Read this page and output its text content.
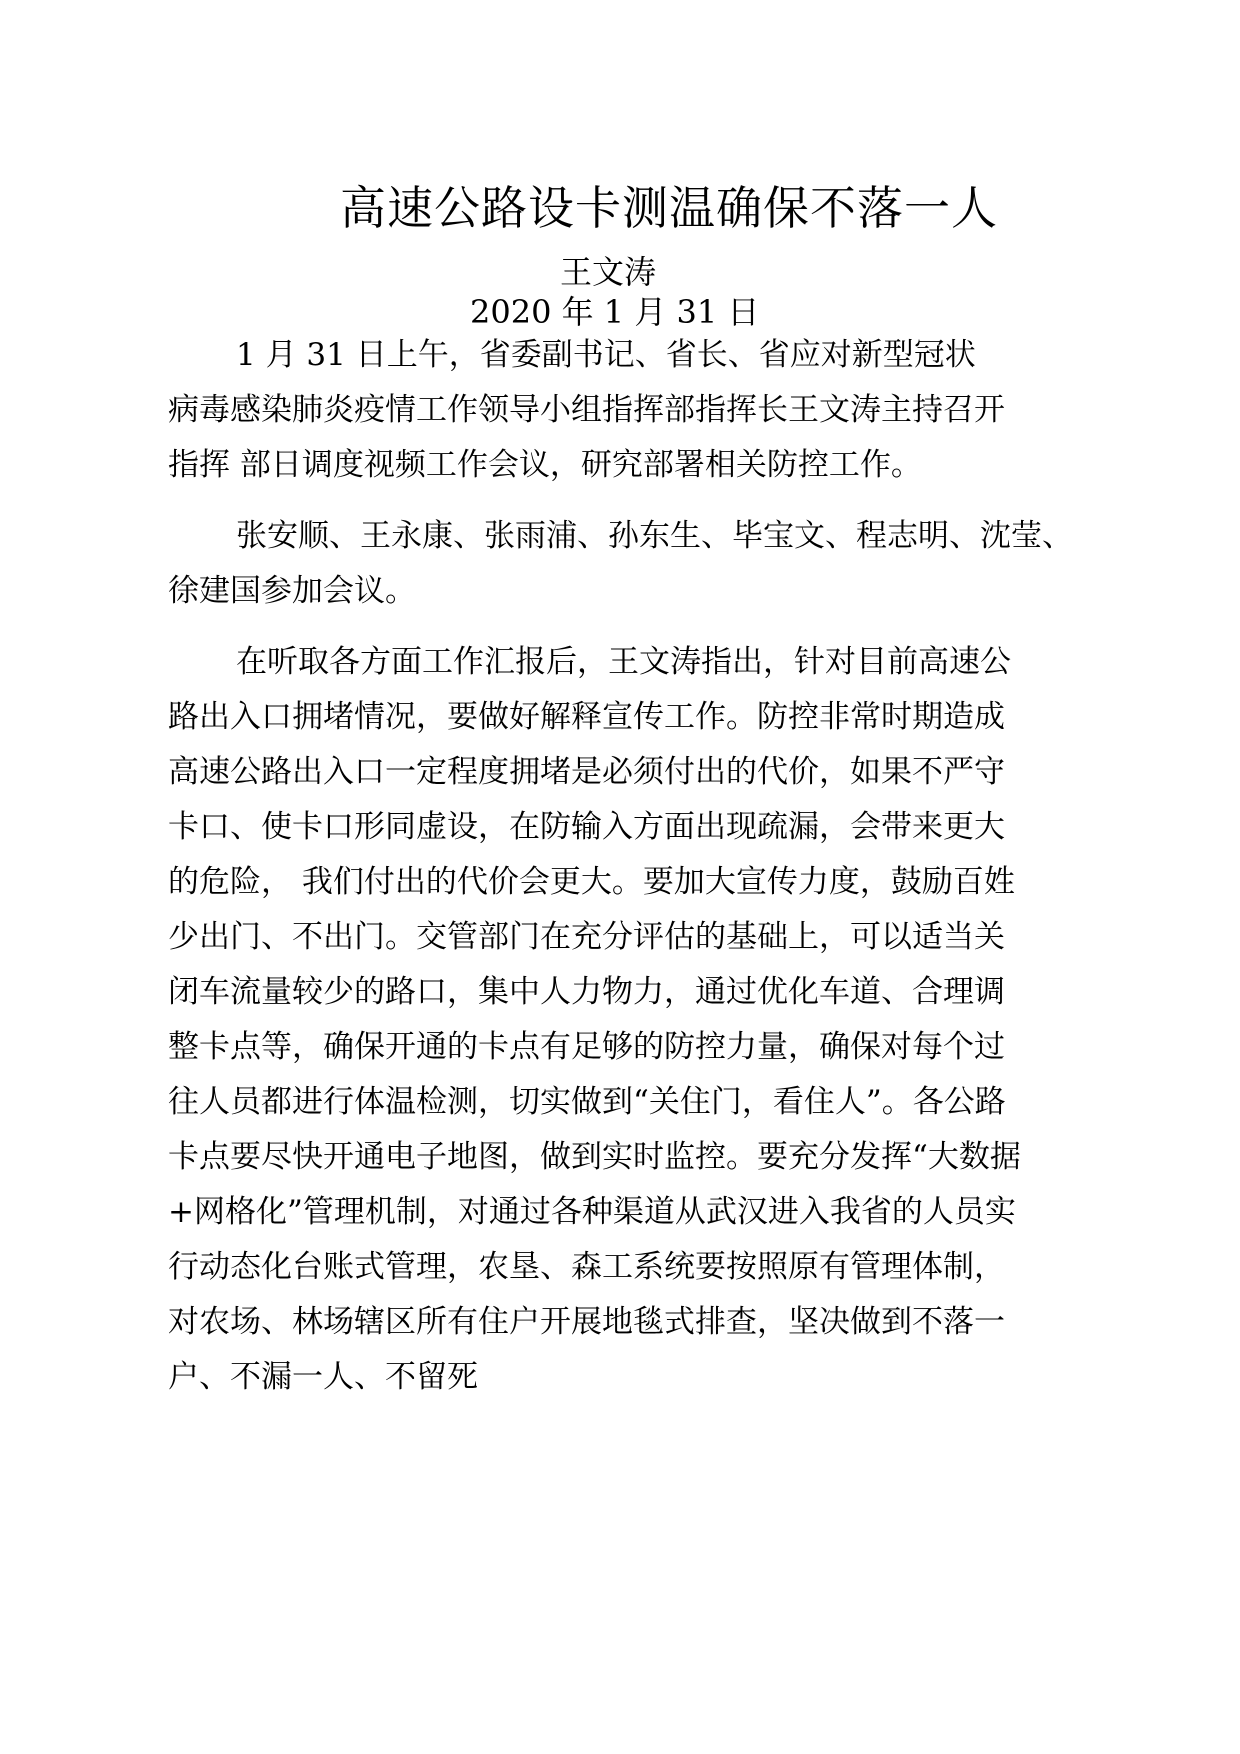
高速公路设卡测温确保不落一人
王文涛
2020 年 1 月 31 日
1 月 31 日上午，省委副书记、省长、省应对新型冠状
病毒感染肺炎疫情工作领导小组指挥部指挥长王文涛主持召开
指挥 部日调度视频工作会议，研究部署相关防控工作。
张安顺、王永康、张雨浦、孙东生、毕宝文、程志明、沈莹、
徐建国参加会议。
在听取各方面工作汇报后，王文涛指出，针对目前高速公
路出入口拥堵情况，要做好解释宣传工作。防控非常时期造成
高速公路出入口一定程度拥堵是必须付出的代价，如果不严守
卡口、使卡口形同虚设，在防输入方面出现疏漏，会带来更大
的危险， 我们付出的代价会更大。要加大宣传力度，鼓励百姓
少出门、不出门。交管部门在充分评估的基础上，可以适当关
闭车流量较少的路口，集中人力物力，通过优化车道、合理调
整卡点等，确保开通的卡点有足够的防控力量，确保对每个过
往人员都进行体温检测，切实做到“关住门，看住人”。各公路
卡点要尽快开通电子地图，做到实时监控。要充分发挥“大数据
+网格化”管理机制，对通过各种渠道从武汉进入我省的人员实
行动态化台账式管理，农垦、森工系统要按照原有管理体制，
对农场、林场辖区所有住户开展地毯式排查，坚决做到不落一
户、不漏一人、不留死
